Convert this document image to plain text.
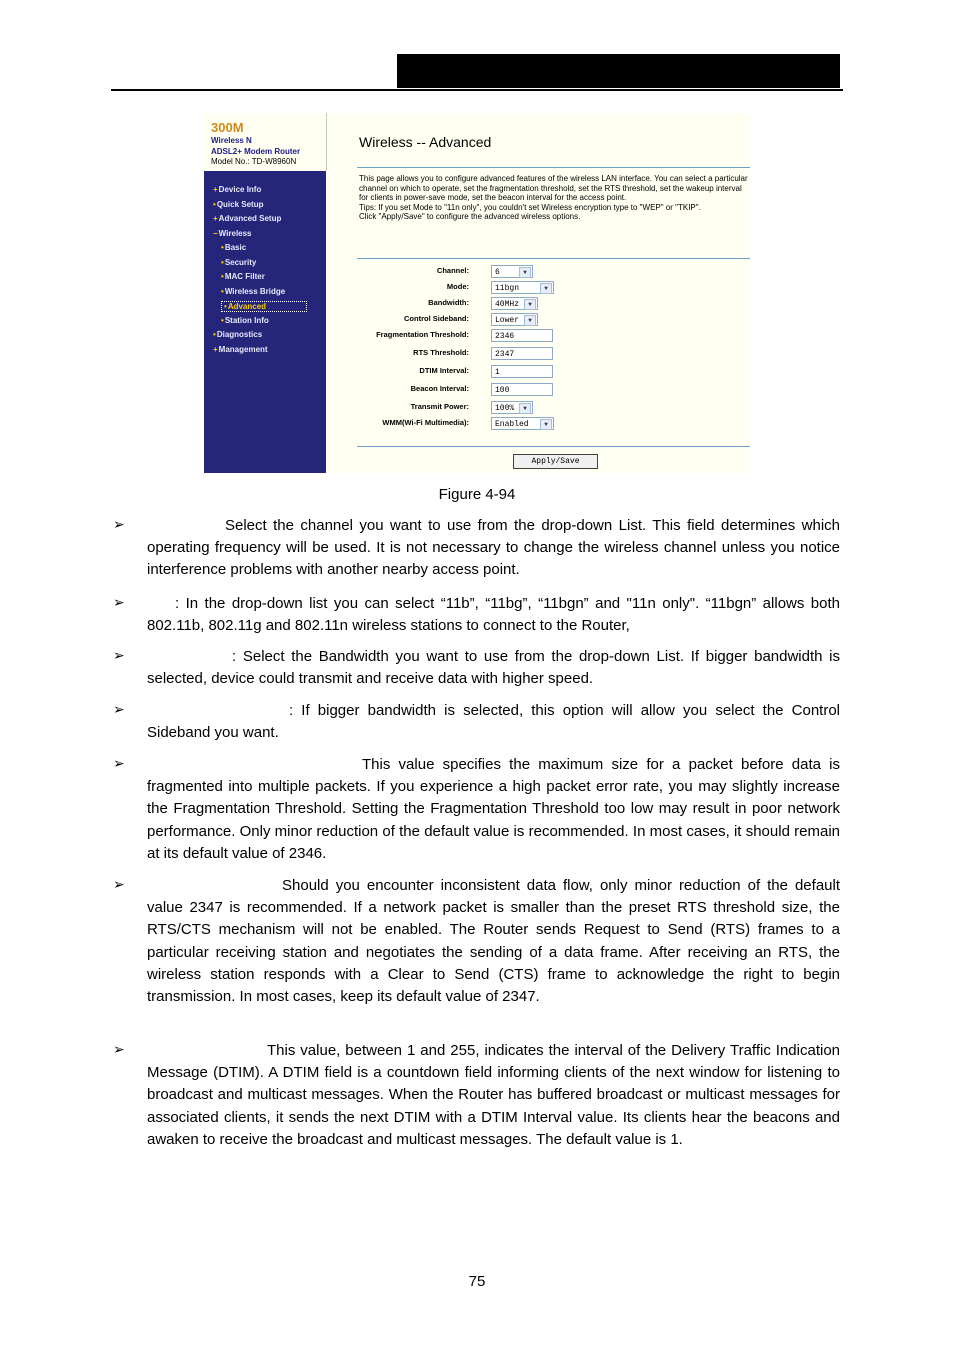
300M
Wireless N
ADSL2+ Modem Router
Model No.: TD-W8960N
+Device Info
•Quick Setup
+Advanced Setup
−Wireless
•Basic
•Security
•MAC Filter
•Wireless Bridge
•Advanced
•Station Info
•Diagnostics
+Management
Wireless -- Advanced
This page allows you to configure advanced features of the wireless LAN interface. You can select a particular channel on which to operate, set the fragmentation threshold, set the RTS threshold, set the wakeup interval for clients in power-save mode, set the beacon interval for the access point.
Tips: If you set Mode to "11n only", you couldn't set Wireless encryption type to "WEP" or "TKIP".
Click "Apply/Save" to configure the advanced wireless options.
Channel:	6	▼
Mode:	11bgn	▼
Bandwidth:	40MHz	▼
Control Sideband:	Lower	▼
Fragmentation Threshold:	2346
RTS Threshold:	2347
DTIM Interval:	1
Beacon Interval:	100
Transmit Power:	100%	▼
WMM(Wi-Fi Multimedia):	Enabled	▼
Apply/Save
Figure 4-94
➢	Select the channel you want to use from the drop-down List. This field determines which operating frequency will be used. It is not necessary to change the wireless channel unless you notice interference problems with another nearby access point.
➢	: In the drop-down list you can select “11b”, “11bg”, “11bgn” and "11n only". “11bgn” allows both 802.11b, 802.11g and 802.11n wireless stations to connect to the Router,
➢	: Select the Bandwidth you want to use from the drop-down List. If bigger bandwidth is selected, device could transmit and receive data with higher speed.
➢	: If bigger bandwidth is selected, this option will allow you select the Control Sideband you want.
➢	This value specifies the maximum size for a packet before data is fragmented into multiple packets. If you experience a high packet error rate, you may slightly increase the Fragmentation Threshold. Setting the Fragmentation Threshold too low may result in poor network performance. Only minor reduction of the default value is recommended. In most cases, it should remain at its default value of 2346.
➢	Should you encounter inconsistent data flow, only minor reduction of the default value 2347 is recommended. If a network packet is smaller than the preset RTS threshold size, the RTS/CTS mechanism will not be enabled. The Router sends Request to Send (RTS) frames to a particular receiving station and negotiates the sending of a data frame. After receiving an RTS, the wireless station responds with a Clear to Send (CTS) frame to acknowledge the right to begin transmission. In most cases, keep its default value of 2347.
➢	This value, between 1 and 255, indicates the interval of the Delivery Traffic Indication Message (DTIM). A DTIM field is a countdown field informing clients of the next window for listening to broadcast and multicast messages. When the Router has buffered broadcast or multicast messages for associated clients, it sends the next DTIM with a DTIM Interval value. Its clients hear the beacons and awaken to receive the broadcast and multicast messages. The default value is 1.
75
